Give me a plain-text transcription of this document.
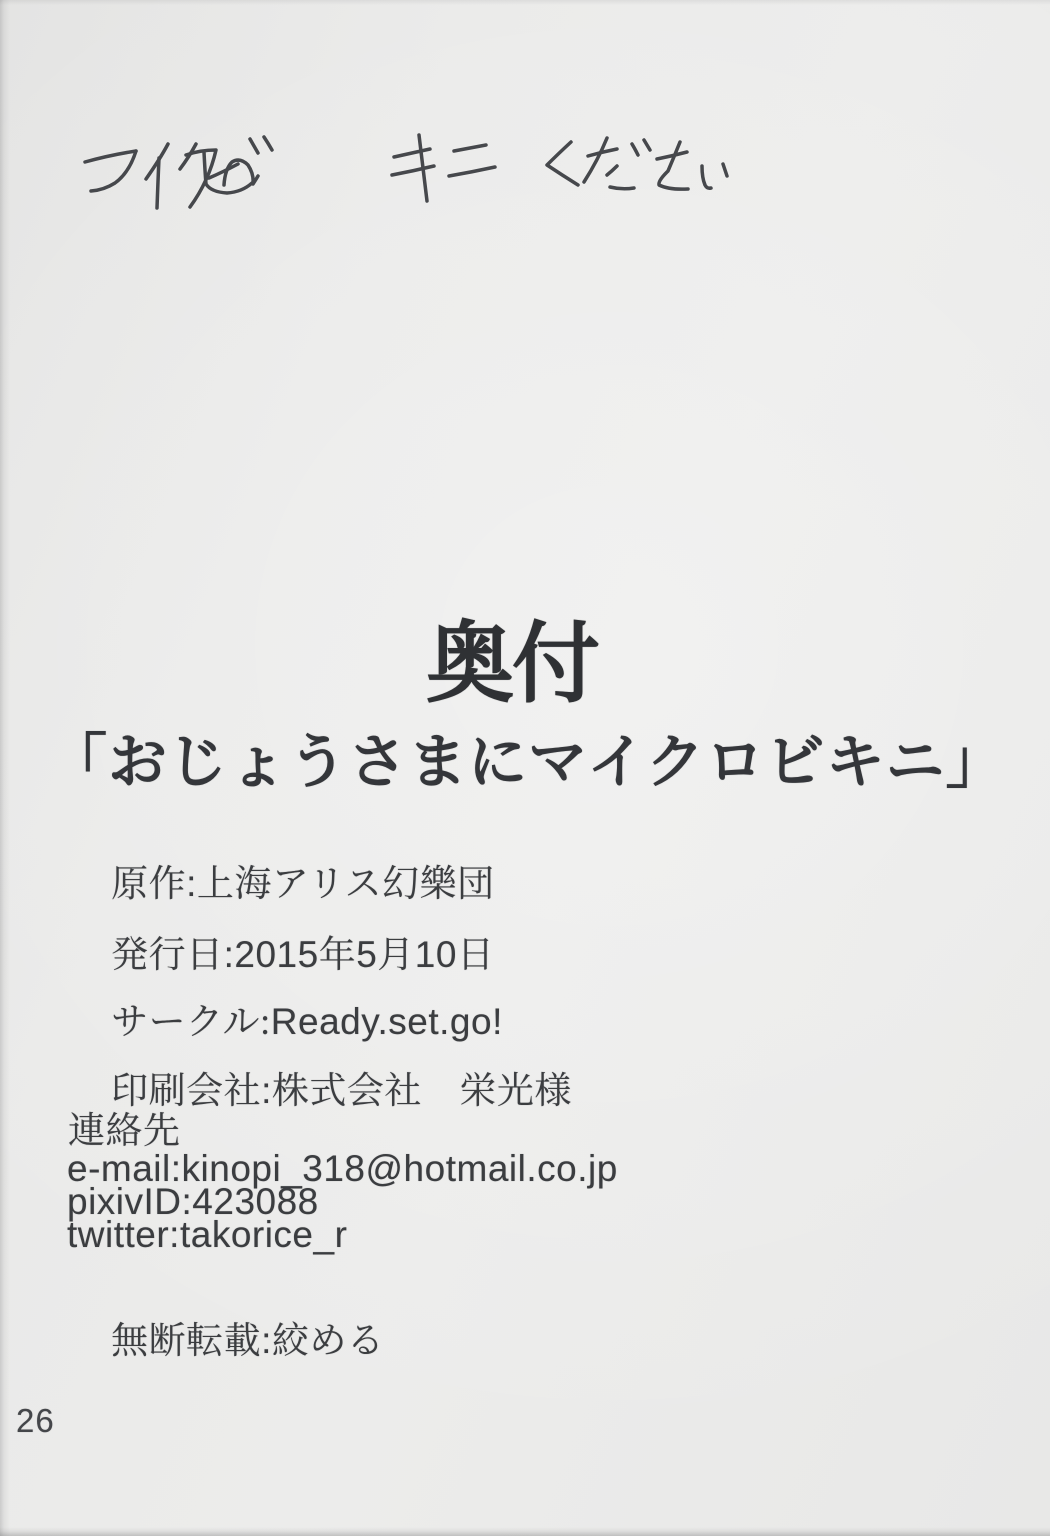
奥付
「おじょうさまにマイクロビキニ」

原作:上海アリス幻樂団

発行日:2015年5月10日

サークル:Ready.set.go!

印刷会社:株式会社　栄光様

連絡先
e-mail:kinopi_318@hotmail.co.jp
pixivID:423088
twitter:takorice_r

無断転載:絞める

26
